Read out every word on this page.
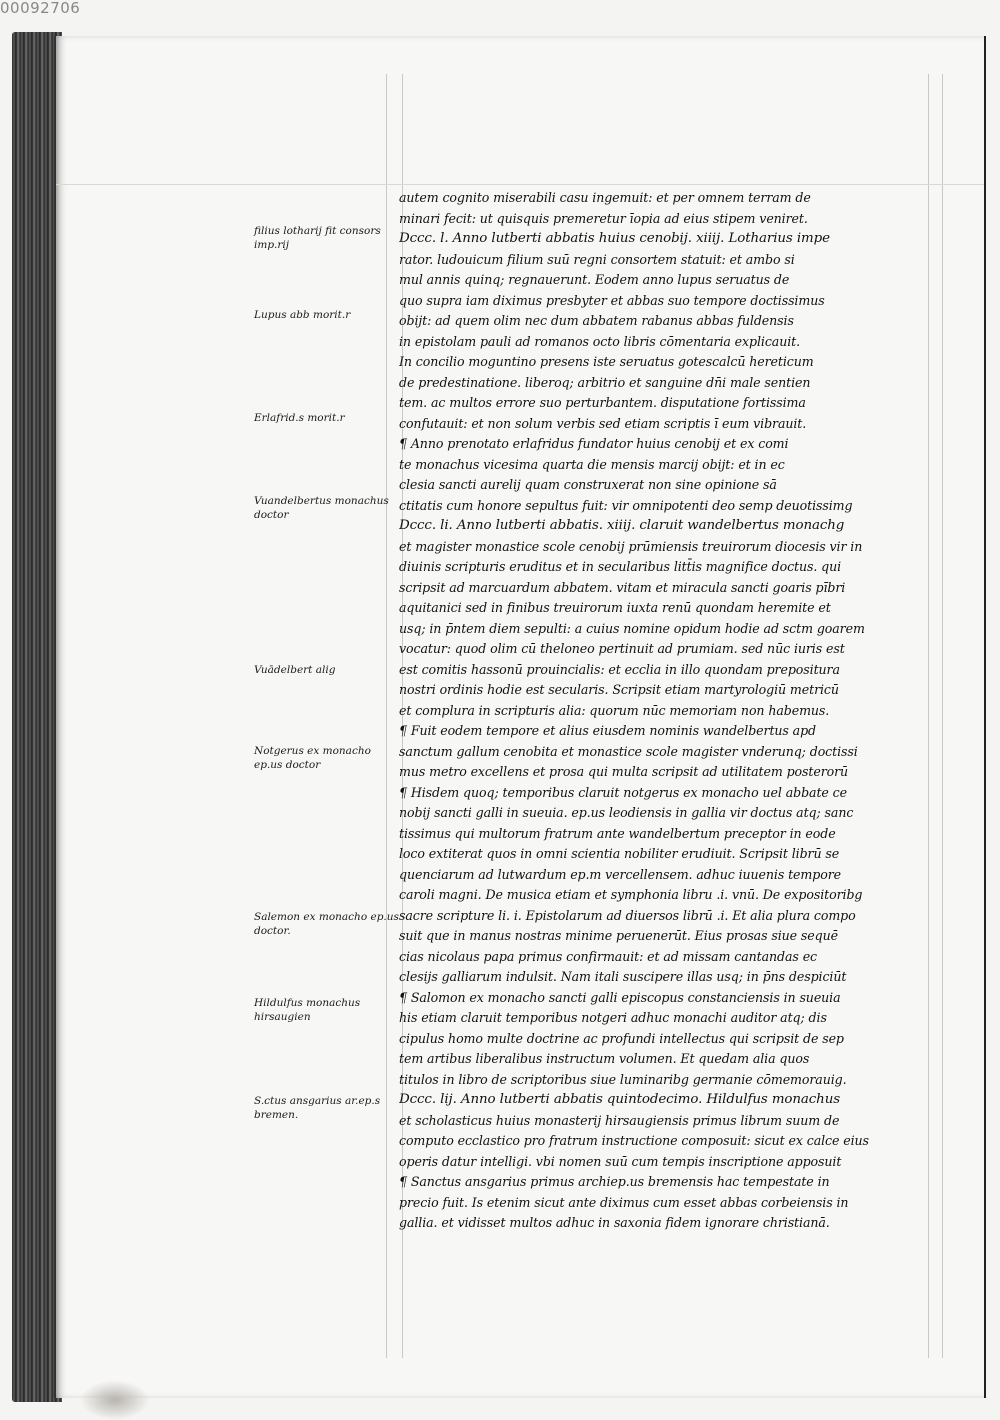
00092706
filius lotharij fit consors imp.rij
Lupus abb morit.r
Erlafrid.s morit.r
Vuandelbertus monachus doctor
Vuādelbert alig
Notgerus ex monacho ep.us doctor
Salemon ex monacho ep.us doctor.
Hildulfus monachus hirsaugien
S.ctus ansgarius ar.ep.s bremen.
autem cognito miserabili casu ingemuit: et per omnem terram de
minari fecit: ut quisquis premeretur īopia ad eius stipem veniret.
Dccc. l. Anno lutberti abbatis huius cenobij. xiiij. Lotharius impe
rator. ludouicum filium suū regni consortem statuit: et ambo si
mul annis quinq; regnauerunt. Eodem anno lupus seruatus de
quo supra iam diximus presbyter et abbas suo tempore doctissimus
obijt: ad quem olim nec dum abbatem rabanus abbas fuldensis
in epistolam pauli ad romanos octo libris cōmentaria explicauit.
In concilio moguntino presens iste seruatus gotescalcū hereticum
de predestinatione. liberoq; arbitrio et sanguine dn̄i male sentien
tem. ac multos errore suo perturbantem. disputatione fortissima
confutauit: et non solum verbis sed etiam scriptis ī eum vibrauit.
¶ Anno prenotato erlafridus fundator huius cenobij et ex comi
te monachus vicesima quarta die mensis marcij obijt: et in ec
clesia sancti aurelij quam construxerat non sine opinione sā
ctitatis cum honore sepultus fuit: vir omnipotenti deo semp deuotissimg
Dccc. li. Anno lutberti abbatis. xiiij. claruit wandelbertus monachg
et magister monastice scole cenobij prūmiensis treuirorum diocesis vir in
diuinis scripturis eruditus et in secularibus litt̄is magnifice doctus. qui
scripsit ad marcuardum abbatem. vitam et miracula sancti goaris pībri
aquitanici sed in finibus treuirorum iuxta renū quondam heremite et
usq; in p̄ntem diem sepulti: a cuius nomine opidum hodie ad sctm goarem
vocatur: quod olim cū theloneo pertinuit ad prumiam. sed nūc iuris est
est comitis hassonū prouincialis: et ecclia in illo quondam prepositura
nostri ordinis hodie est secularis. Scripsit etiam martyrologiū metricū
et complura in scripturis alia: quorum nūc memoriam non habemus.
¶ Fuit eodem tempore et alius eiusdem nominis wandelbertus apd
sanctum gallum cenobita et monastice scole magister vnderunq; doctissi
mus metro excellens et prosa qui multa scripsit ad utilitatem posterorū
¶ Hisdem quoq; temporibus claruit notgerus ex monacho uel abbate ce
nobij sancti galli in sueuia. ep.us leodiensis in gallia vir doctus atq; sanc
tissimus qui multorum fratrum ante wandelbertum preceptor in eode
loco extiterat quos in omni scientia nobiliter erudiuit. Scripsit librū se
quenciarum ad lutwardum ep.m vercellensem. adhuc iuuenis tempore
caroli magni. De musica etiam et symphonia libru .i. vnū. De expositoribg
sacre scripture li. i. Epistolarum ad diuersos librū .i. Et alia plura compo
suit que in manus nostras minime peruenerūt. Eius prosas siue sequē
cias nicolaus papa primus confirmauit: et ad missam cantandas ec
clesijs galliarum indulsit. Nam itali suscipere illas usq; in p̄ns despiciūt
¶ Salomon ex monacho sancti galli episcopus constanciensis in sueuia
his etiam claruit temporibus notgeri adhuc monachi auditor atq; dis
cipulus homo multe doctrine ac profundi intellectus qui scripsit de sep
tem artibus liberalibus instructum volumen. Et quedam alia quos
titulos in libro de scriptoribus siue luminaribg germanie cōmemorauig.
Dccc. lij. Anno lutberti abbatis quintodecimo. Hildulfus monachus
et scholasticus huius monasterij hirsaugiensis primus librum suum de
computo ecclastico pro fratrum instructione composuit: sicut ex calce eius
operis datur intelligi. vbi nomen suū cum tempis inscriptione apposuit
¶ Sanctus ansgarius primus archiep.us bremensis hac tempestate in
precio fuit. Is etenim sicut ante diximus cum esset abbas corbeiensis in
gallia. et vidisset multos adhuc in saxonia fidem ignorare christianā.
